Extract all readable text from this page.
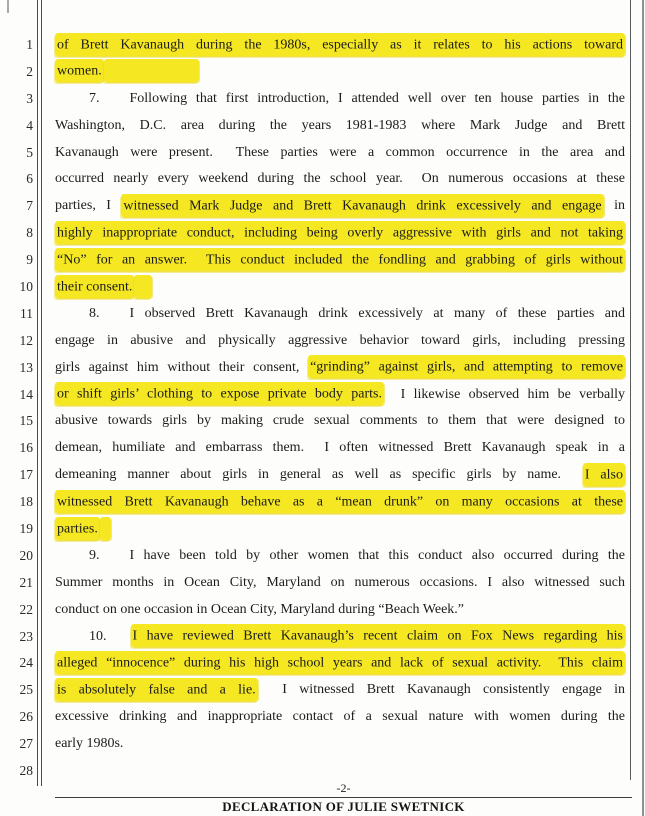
1
2
3
4
5
6
7
8
9
10
11
12
13
14
15
16
17
18
19
20
21
22
23
24
25
26
27
28
of Brett Kavanaugh during the 1980s, especially as it relates to his actions toward
women.
7. Following that first introduction, I attended well over ten house parties in the
Washington, D.C. area during the years 1981-1983 where Mark Judge and Brett
Kavanaugh were present.  These parties were a common occurrence in the area and
occurred nearly every weekend during the school year.  On numerous occasions at these
parties, I witnessed Mark Judge and Brett Kavanaugh drink excessively and engage in
highly inappropriate conduct, including being overly aggressive with girls and not taking
“No” for an answer.  This conduct included the fondling and grabbing of girls without
their consent.
8. I observed Brett Kavanaugh drink excessively at many of these parties and
engage in abusive and physically aggressive behavior toward girls, including pressing
girls against him without their consent, “grinding” against girls, and attempting to remove
or shift girls’ clothing to expose private body parts.  I likewise observed him be verbally
abusive towards girls by making crude sexual comments to them that were designed to
demean, humiliate and embarrass them.  I often witnessed Brett Kavanaugh speak in a
demeaning manner about girls in general as well as specific girls by name.  I also
witnessed Brett Kavanaugh behave as a “mean drunk” on many occasions at these
parties.
9. I have been told by other women that this conduct also occurred during the
Summer months in Ocean City, Maryland on numerous occasions. I also witnessed such
conduct on one occasion in Ocean City, Maryland during “Beach Week.”
10. I have reviewed Brett Kavanaugh’s recent claim on Fox News regarding his
alleged “innocence” during his high school years and lack of sexual activity.  This claim
is absolutely false and a lie.  I witnessed Brett Kavanaugh consistently engage in
excessive drinking and inappropriate contact of a sexual nature with women during the
early 1980s.
-2-
DECLARATION OF JULIE SWETNICK
